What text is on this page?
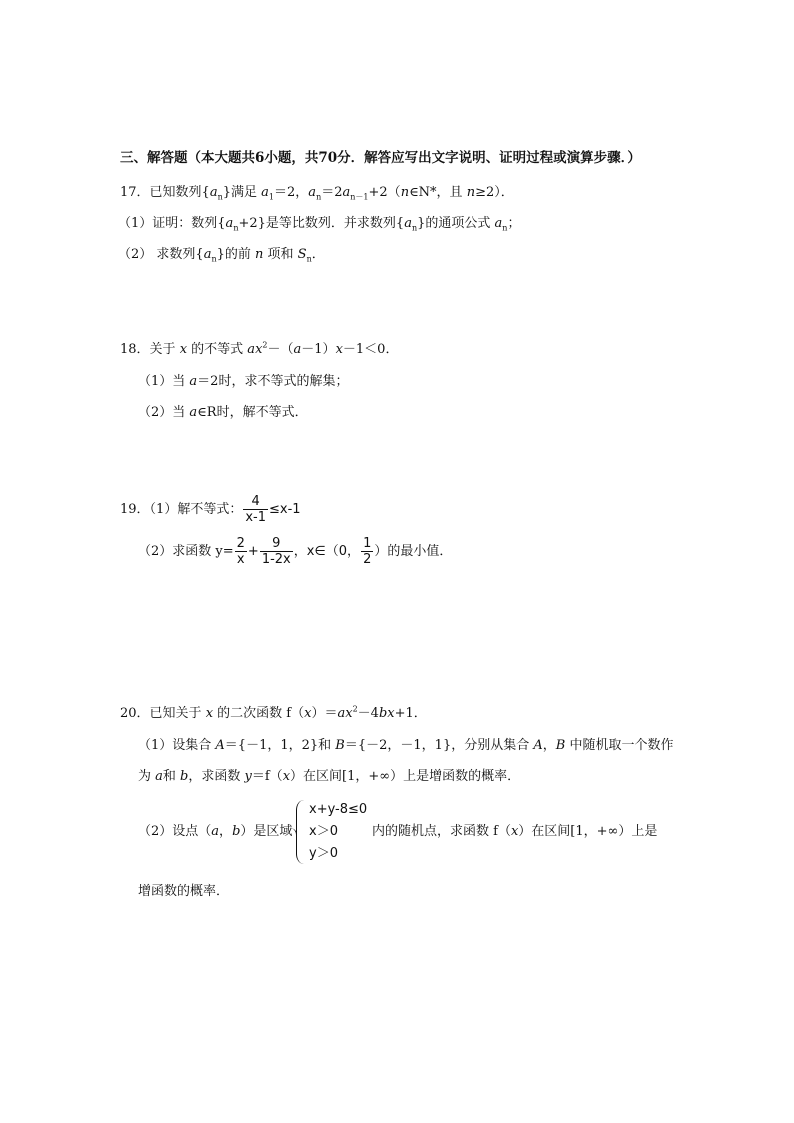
三、解答题（本大题共6小题，共70分．解答应写出文字说明、证明过程或演算步骤．）
17．已知数列$\{a_n\}$满足 $a_1=2$，$a_n=2a_{n-1}+2(n\in N*$，且 n≥2）．
（1）证明：数列$\{a_n+2\}$是等比数列．并求数列$\{a_n\}$的通项公式 $a_n$；
（2） 求数列$\{a_n\}$的前 n 项和 $S_n$．
18．关于 x 的不等式 $ax^2-(a-1)x-1<0$．
（1）当 a＝2时，求不等式的解集；
（2）当 a∈R时，解不等式．
19．（1）解不等式： $\frac{4}{x-1} \le x-1$
（2）求函数 $y= \frac{2}{x} + \frac{9}{1-2x}$ ，x∈（0， $\frac{1}{2}$ ）的最小值．
20．已知关于 x 的二次函数 $f(x)=ax^2-4bx+1$．
（1）设集合 A＝{－1，1，2}和 B＝{－2，－1，1}，分别从集合 A，B 中随机取一个数作
为 a和 b，求函数 y＝f（x）在区间[1，+∞）上是增函数的概率．
（2）设点（a，b）是区域
x+y-8≤0
x＞0
y＞0
内的随机点，求函数 f（x）在区间[1，+∞）上是
增函数的概率．
